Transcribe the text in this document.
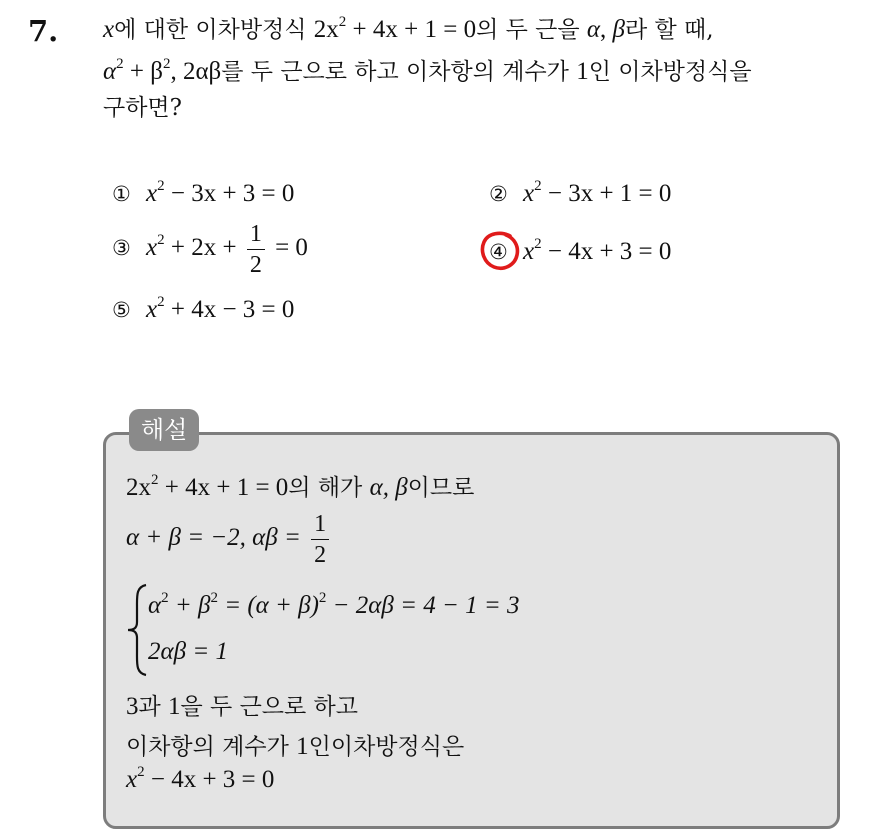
7. x에 대한 이차방정식 $2x^2 + 4x + 1 = 0$의 두 근을 α, β라 할 때,
$\alpha^2 + \beta^2$, 2αβ를 두 근으로 하고 이차항의 계수가 1인 이차방정식을
구하면?
① $x^2 - 3x + 3 = 0$	② $x^2 - 3x + 1 = 0$
③ $x^2 + 2x + \frac{1}{2} = 0$	④ $x^2 - 4x + 3 = 0$
⑤ $x^2 + 4x - 3 = 0$
해설
$2x^2 + 4x + 1 = 0$의 해가 α, β이므로
α + β = −2, $\alpha\beta = \frac{1}{2}$
$\alpha^2 + \beta^2 = (\alpha + \beta)^2 - 2\alpha\beta = 4 - 1 = 3$
2αβ = 1
3과 1을 두 근으로 하고
이차항의 계수가 1인이차방정식은
$x^2 - 4x + 3 = 0$
